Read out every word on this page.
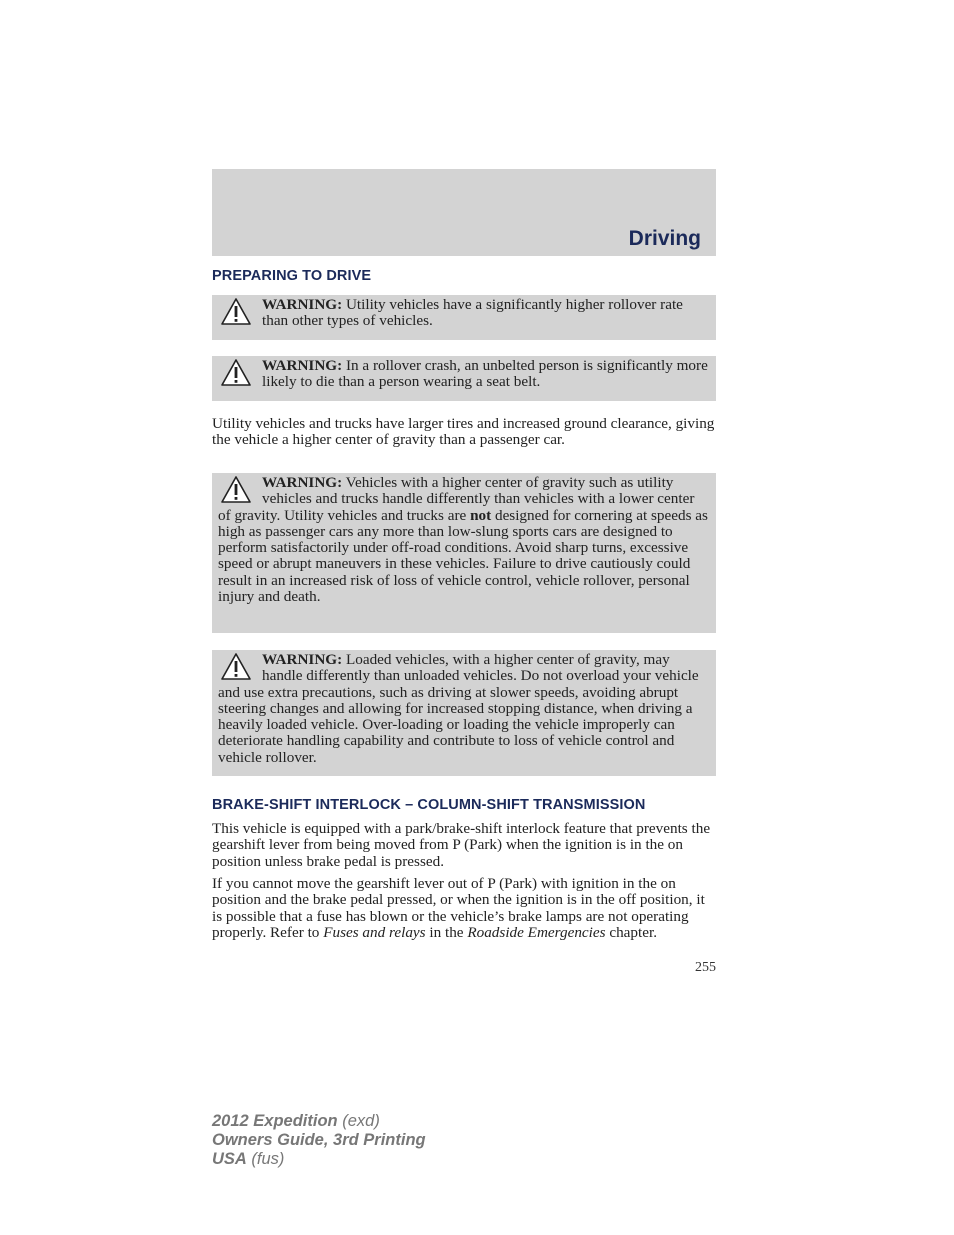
Driving
PREPARING TO DRIVE

WARNING: Utility vehicles have a significantly higher rollover rate than other types of vehicles.

WARNING: In a rollover crash, an unbelted person is significantly more likely to die than a person wearing a seat belt.

Utility vehicles and trucks have larger tires and increased ground clearance, giving the vehicle a higher center of gravity than a passenger car.

WARNING: Vehicles with a higher center of gravity such as utility vehicles and trucks handle differently than vehicles with a lower center of gravity. Utility vehicles and trucks are not designed for cornering at speeds as high as passenger cars any more than low-slung sports cars are designed to perform satisfactorily under off-road conditions. Avoid sharp turns, excessive speed or abrupt maneuvers in these vehicles. Failure to drive cautiously could result in an increased risk of loss of vehicle control, vehicle rollover, personal injury and death.

WARNING: Loaded vehicles, with a higher center of gravity, may handle differently than unloaded vehicles. Do not overload your vehicle and use extra precautions, such as driving at slower speeds, avoiding abrupt steering changes and allowing for increased stopping distance, when driving a heavily loaded vehicle. Over-loading or loading the vehicle improperly can deteriorate handling capability and contribute to loss of vehicle control and vehicle rollover.

BRAKE-SHIFT INTERLOCK – COLUMN-SHIFT TRANSMISSION

This vehicle is equipped with a park/brake-shift interlock feature that prevents the gearshift lever from being moved from P (Park) when the ignition is in the on position unless brake pedal is pressed.

If you cannot move the gearshift lever out of P (Park) with ignition in the on position and the brake pedal pressed, or when the ignition is in the off position, it is possible that a fuse has blown or the vehicle’s brake lamps are not operating properly. Refer to Fuses and relays in the Roadside Emergencies chapter.

255
2012 Expedition (exd)
Owners Guide, 3rd Printing
USA (fus)
